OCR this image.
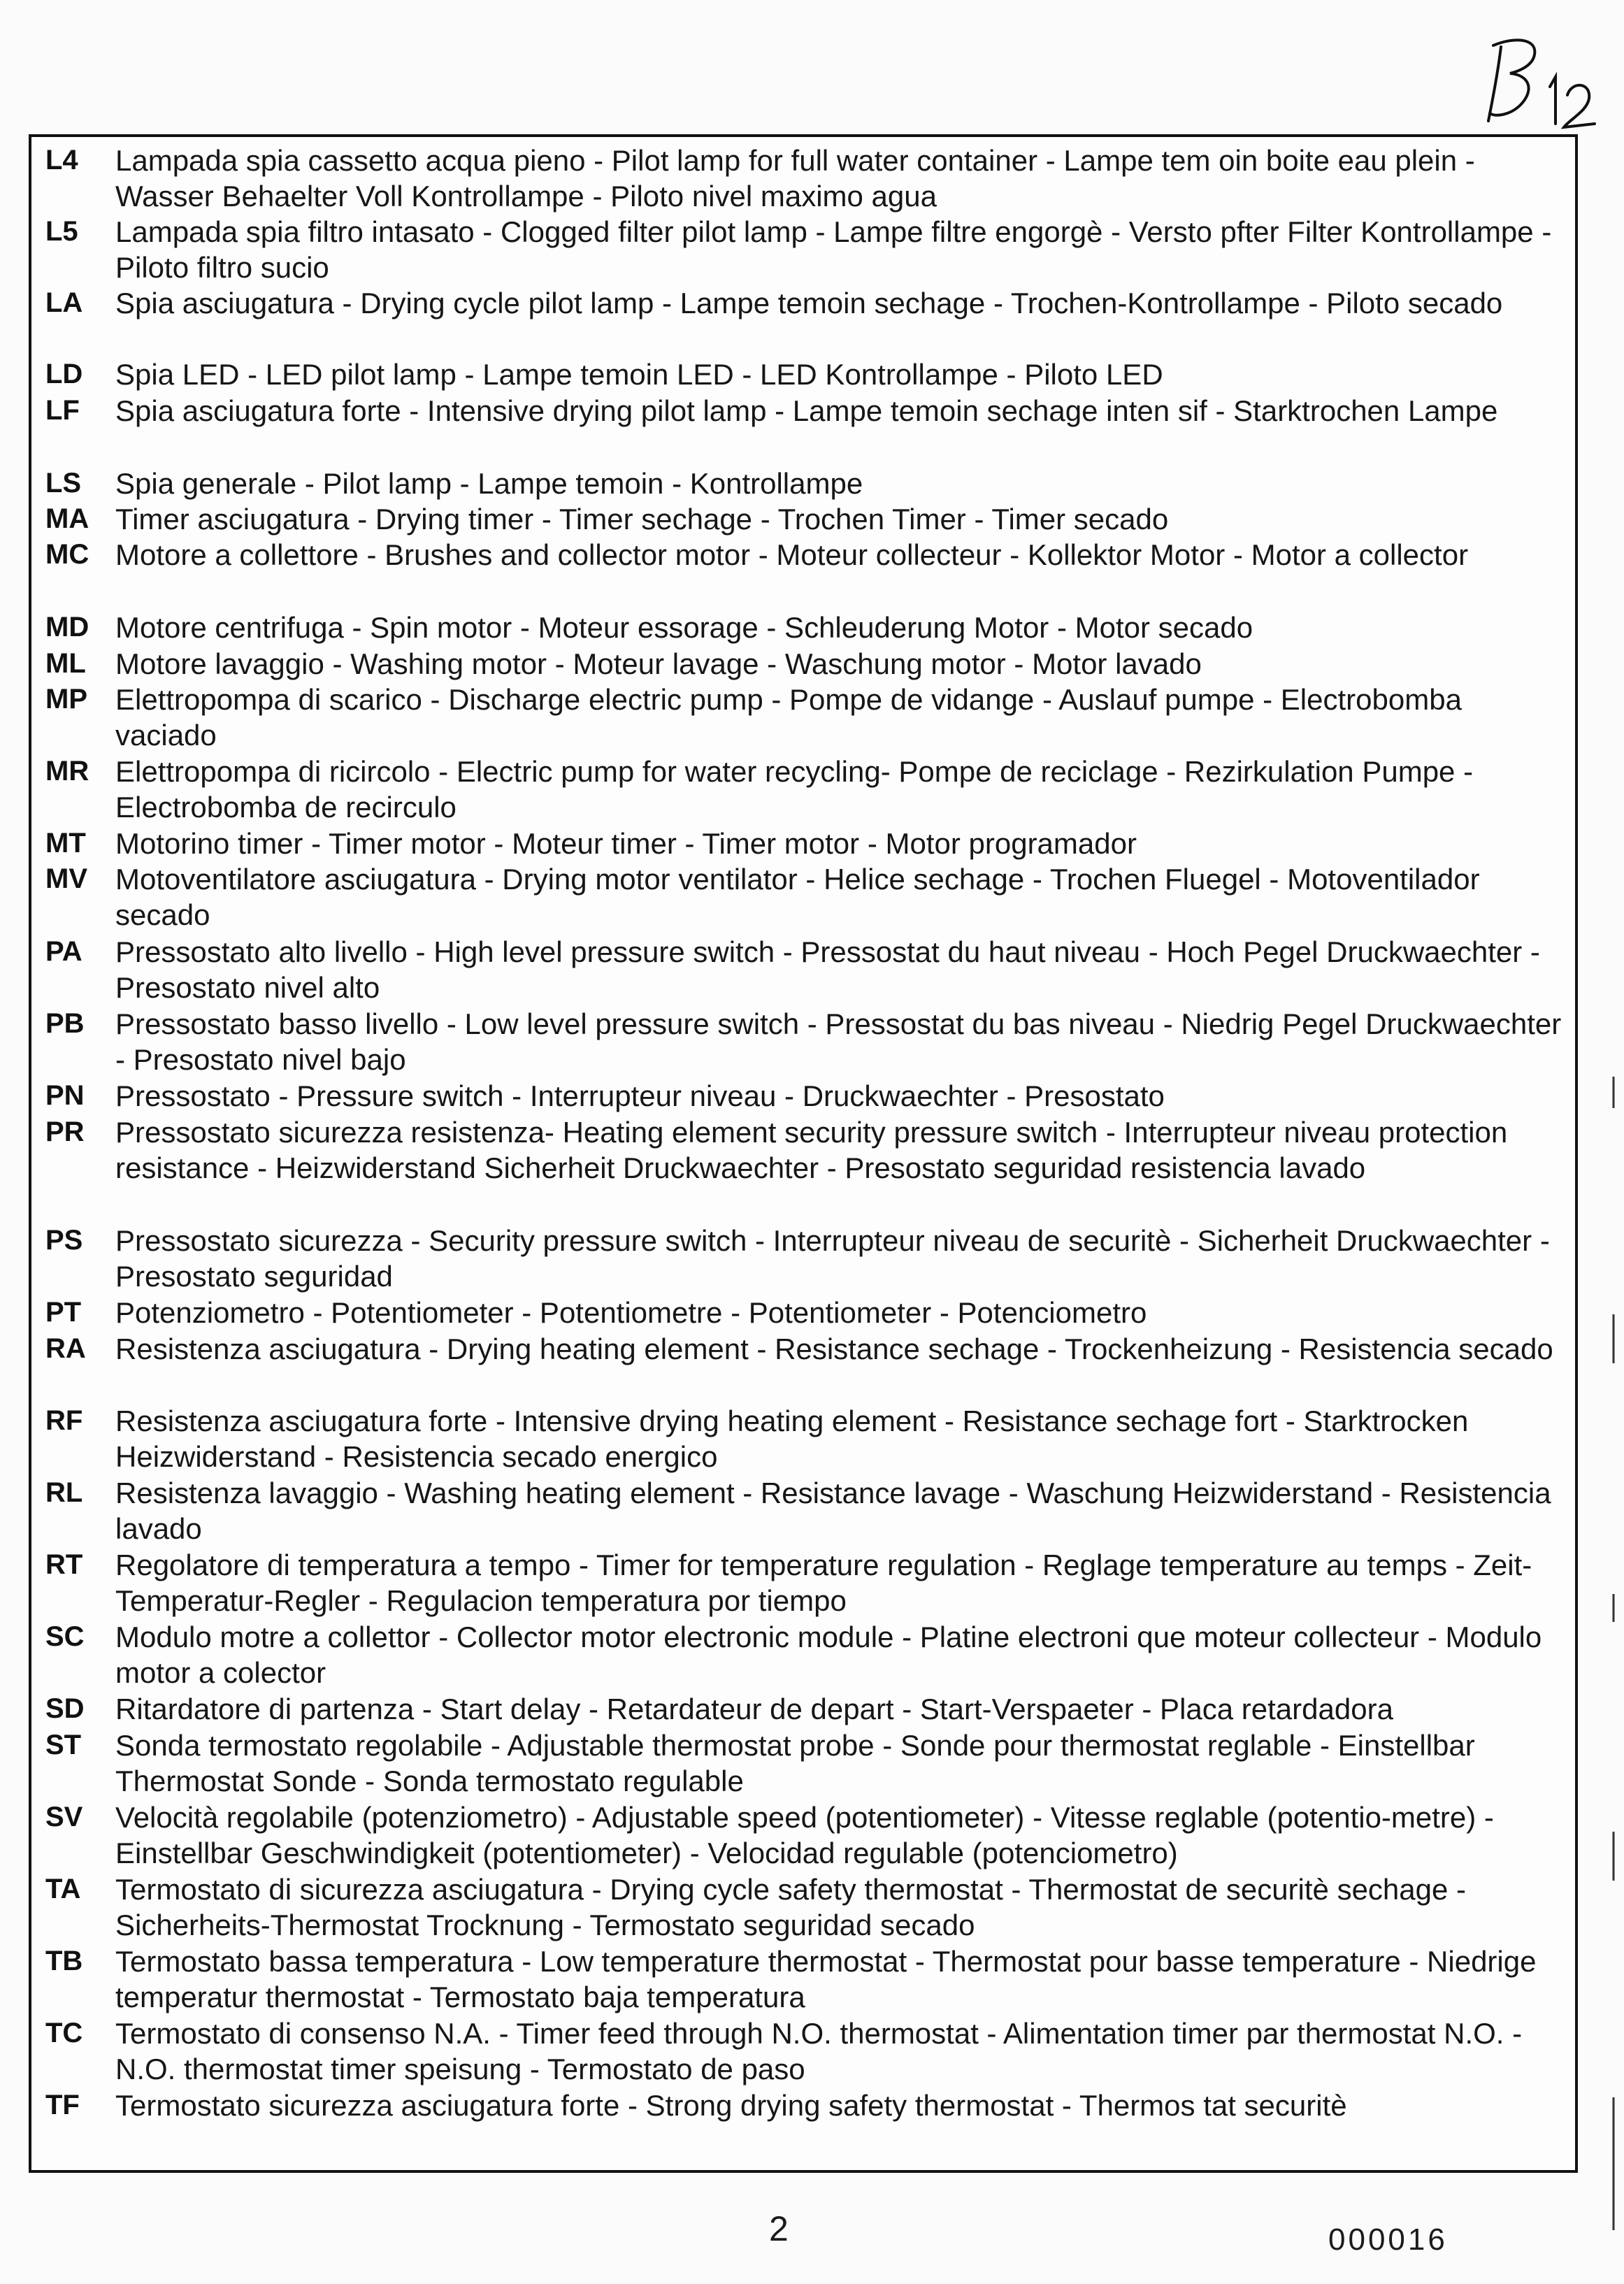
L4	Lampada spia cassetto acqua pieno - Pilot lamp for full water container - Lampe tem oin boite eau plein - Wasser Behaelter Voll Kontrollampe - Piloto nivel maximo agua
L5	Lampada spia filtro intasato - Clogged filter pilot lamp - Lampe filtre engorgè - Versto pfter Filter Kontrollampe - Piloto filtro sucio
LA	Spia asciugatura - Drying cycle pilot lamp - Lampe temoin sechage - Trochen-Kontrollampe - Piloto secado
LD	Spia LED - LED pilot lamp - Lampe temoin LED - LED Kontrollampe - Piloto LED
LF	Spia asciugatura forte - Intensive drying pilot lamp - Lampe temoin sechage inten sif - Starktrochen Lampe
LS	Spia generale - Pilot lamp - Lampe temoin - Kontrollampe
MA Timer asciugatura - Drying timer - Timer sechage - Trochen Timer - Timer secado
MC Motore a collettore - Brushes and collector motor - Moteur collecteur - Kollektor Motor - Motor a collector
MD Motore centrifuga - Spin motor - Moteur essorage - Schleuderung Motor - Motor secado
ML	Motore lavaggio - Washing motor - Moteur lavage - Waschung motor - Motor lavado
MP Elettropompa di scarico - Discharge electric pump - Pompe de vidange - Auslauf pumpe - Electrobomba vaciado
MR Elettropompa di ricircolo - Electric pump for water recycling- Pompe de reciclage - Rezirkulation Pumpe - Electrobomba de recirculo
MT	Motorino timer - Timer motor - Moteur timer - Timer motor - Motor programador
MV Motoventilatore asciugatura - Drying motor ventilator - Helice sechage - Trochen Fluegel - Motoventilador secado
PA	Pressostato alto livello - High level pressure switch - Pressostat du haut niveau - Hoch Pegel Druckwaechter - Presostato nivel alto
PB	Pressostato basso livello - Low level pressure switch - Pressostat du bas niveau - Niedrig Pegel Druckwaechter - Presostato nivel bajo
PN	Pressostato - Pressure switch - Interrupteur niveau - Druckwaechter - Presostato
PR	Pressostato sicurezza resistenza- Heating element security pressure switch - Interrupteur niveau protection resistance - Heizwiderstand Sicherheit Druckwaechter - Presostato seguridad resistencia lavado
PS	Pressostato sicurezza - Security pressure switch - Interrupteur niveau de securitè - Sicherheit Druckwaechter - Presostato seguridad
PT	Potenziometro - Potentiometer - Potentiometre - Potentiometer - Potenciometro
RA	Resistenza asciugatura - Drying heating element - Resistance sechage - Trockenheizung - Resistencia secado
RF	Resistenza asciugatura forte - Intensive drying heating element - Resistance sechage fort - Starktrocken Heizwiderstand - Resistencia secado energico
RL	Resistenza lavaggio - Washing heating element - Resistance lavage - Waschung Heizwiderstand - Resistencia lavado
RT	Regolatore di temperatura a tempo - Timer for temperature regulation - Reglage temperature au temps - Zeit-Temperatur-Regler - Regulacion temperatura por tiempo
SC	Modulo motre a collettor - Collector motor electronic module - Platine electroni que moteur collecteur - Modulo motor a colector
SD	Ritardatore di partenza - Start delay - Retardateur de depart - Start-Verspaeter - Placa retardadora
ST	Sonda termostato regolabile - Adjustable thermostat probe - Sonde pour thermostat reglable - Einstellbar Thermostat Sonde - Sonda termostato regulable
SV	Velocità regolabile (potenziometro) - Adjustable speed (potentiometer) - Vitesse reglable (potentio-metre) - Einstellbar Geschwindigkeit (potentiometer) - Velocidad regulable (potenciometro)
TA	Termostato di sicurezza asciugatura - Drying cycle safety thermostat - Thermostat de securitè sechage - Sicherheits-Thermostat Trocknung - Termostato seguridad secado
TB	Termostato bassa temperatura - Low temperature thermostat - Thermostat pour basse temperature - Niedrige temperatur thermostat - Termostato baja temperatura
TC	Termostato di consenso N.A. - Timer feed through N.O. thermostat - Alimentation timer par thermostat N.O. - N.O. thermostat timer speisung - Termostato de paso
TF	Termostato sicurezza asciugatura forte - Strong drying safety thermostat - Thermos tat securitè
2	000016
